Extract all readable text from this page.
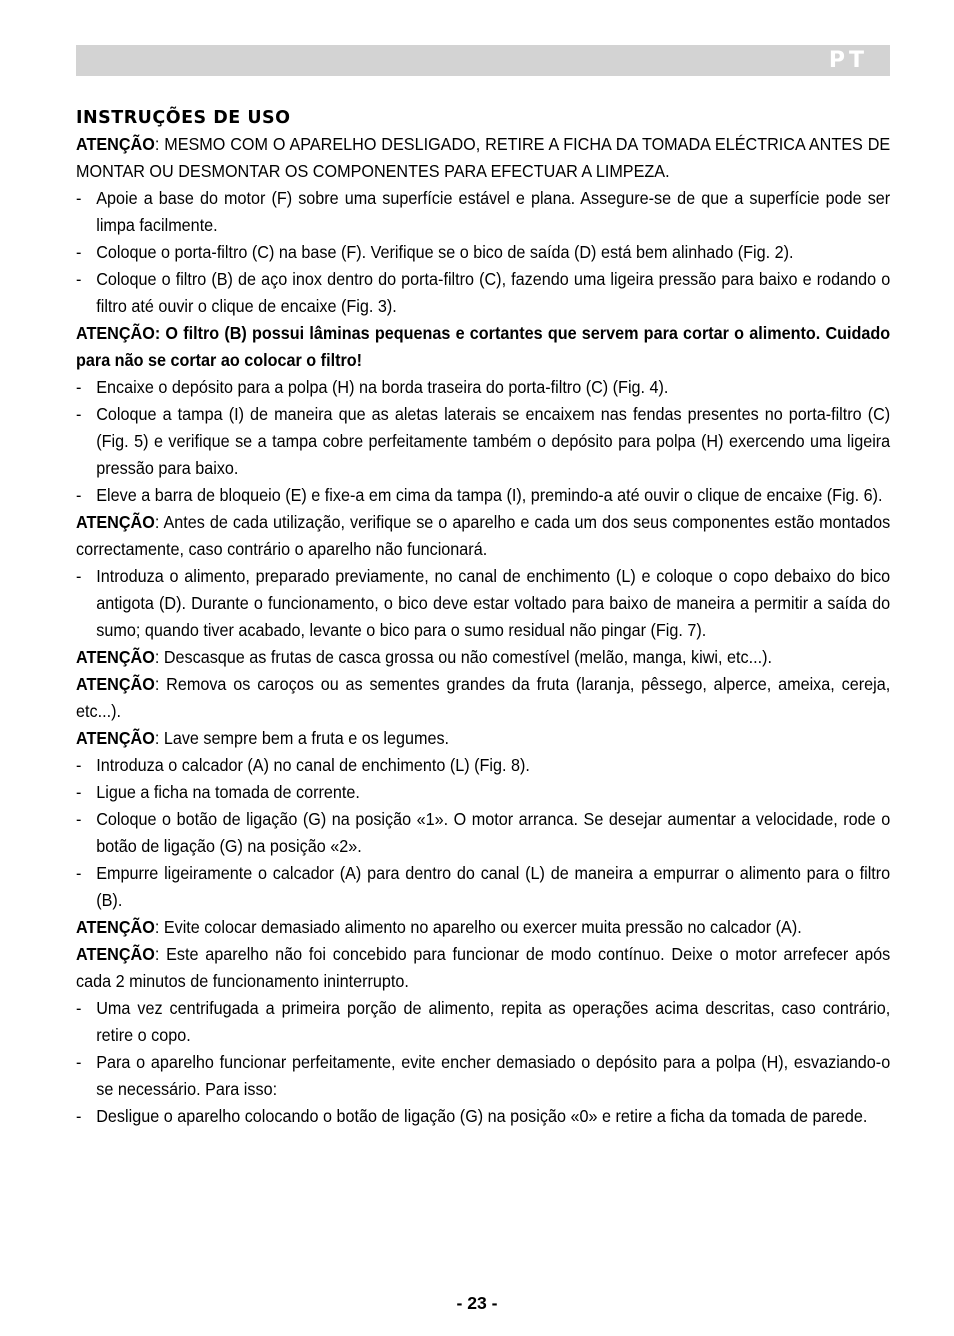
PT
INSTRUÇÕES DE USO
ATENÇÃO: MESMO COM O APARELHO DESLIGADO, RETIRE A FICHA DA TOMADA ELÉCTRICA ANTES DE MONTAR OU DESMONTAR OS COMPONENTES PARA EFECTUAR A LIMPEZA.
- Apoie a base do motor (F) sobre uma superfície estável e plana. Assegure-se de que a superfície pode ser limpa facilmente.
- Coloque o porta-filtro (C) na base (F). Verifique se o bico de saída (D) está bem alinhado (Fig. 2).
- Coloque o filtro (B) de aço inox dentro do porta-filtro (C), fazendo uma ligeira pressão para baixo e rodando o filtro até ouvir o clique de encaixe (Fig. 3).
ATENÇÃO: O filtro (B) possui lâminas pequenas e cortantes que servem para cortar o alimento. Cuidado para não se cortar ao colocar o filtro!
- Encaixe o depósito para a polpa (H) na borda traseira do porta-filtro (C) (Fig. 4).
- Coloque a tampa (I) de maneira que as aletas laterais se encaixem nas fendas presentes no porta-filtro (C) (Fig. 5) e verifique se a tampa cobre perfeitamente também o depósito para polpa (H) exercendo uma ligeira pressão para baixo.
- Eleve a barra de bloqueio (E) e fixe-a em cima da tampa (I), premindo-a até ouvir o clique de encaixe (Fig. 6).
ATENÇÃO: Antes de cada utilização, verifique se o aparelho e cada um dos seus componentes estão montados correctamente, caso contrário o aparelho não funcionará.
- Introduza o alimento, preparado previamente, no canal de enchimento (L) e coloque o copo debaixo do bico antigota (D). Durante o funcionamento, o bico deve estar voltado para baixo de maneira a permitir a saída do sumo; quando tiver acabado, levante o bico para o sumo residual não pingar (Fig. 7).
ATENÇÃO: Descasque as frutas de casca grossa ou não comestível (melão, manga, kiwi, etc...).
ATENÇÃO: Remova os caroços ou as sementes grandes da fruta (laranja, pêssego, alperce, ameixa, cereja, etc...).
ATENÇÃO: Lave sempre bem a fruta e os legumes.
- Introduza o calcador (A) no canal de enchimento (L) (Fig. 8).
- Ligue a ficha na tomada de corrente.
- Coloque o botão de ligação (G) na posição «1». O motor arranca. Se desejar aumentar a velocidade, rode o botão de ligação (G) na posição «2».
- Empurre ligeiramente o calcador (A) para dentro do canal (L) de maneira a empurrar o alimento para o filtro (B).
ATENÇÃO: Evite colocar demasiado alimento no aparelho ou exercer muita pressão no calcador (A).
ATENÇÃO: Este aparelho não foi concebido para funcionar de modo contínuo. Deixe o motor arrefecer após cada 2 minutos de funcionamento ininterrupto.
- Uma vez centrifugada a primeira porção de alimento, repita as operações acima descritas, caso contrário, retire o copo.
- Para o aparelho funcionar perfeitamente, evite encher demasiado o depósito para a polpa (H), esvaziando-o se necessário. Para isso:
- Desligue o aparelho colocando o botão de ligação (G) na posição «0» e retire a ficha da tomada de parede.
- 23 -
